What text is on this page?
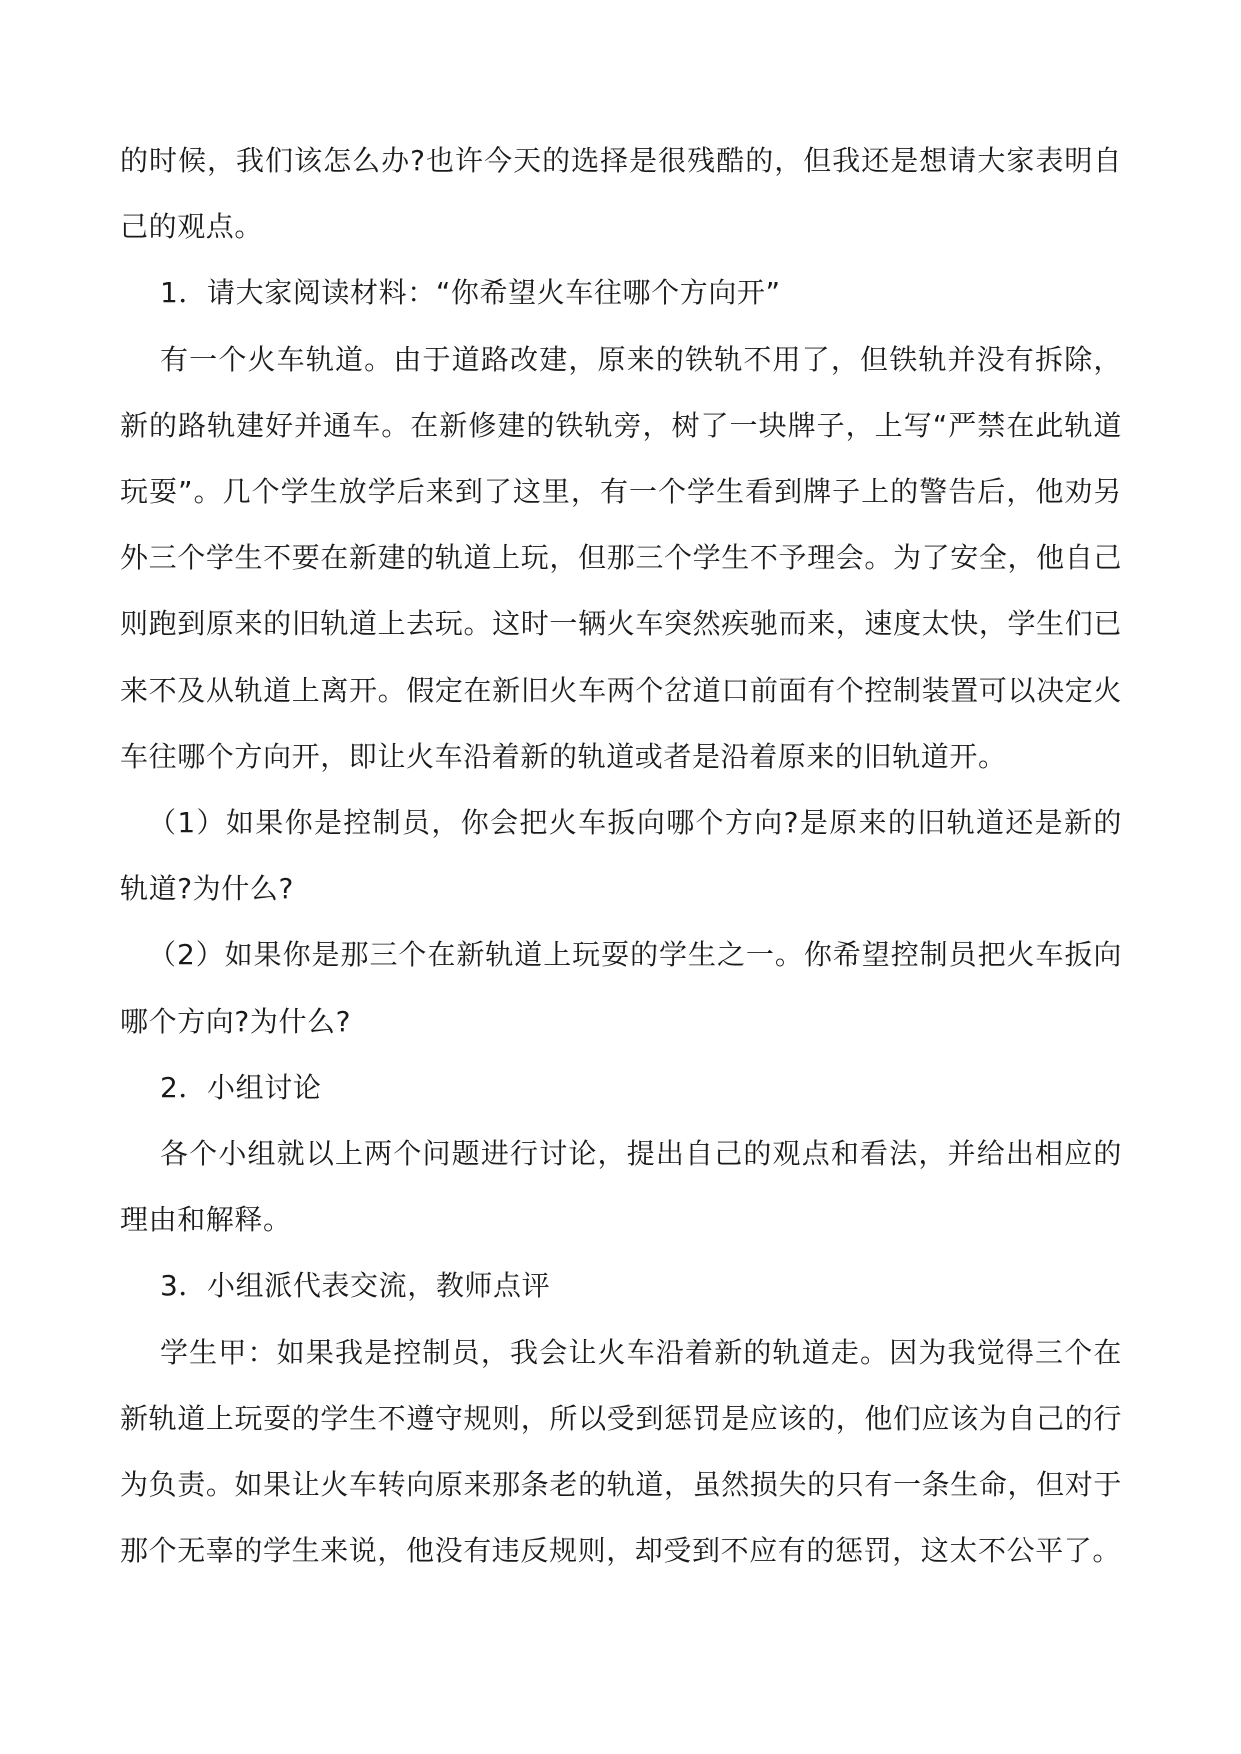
的时候，我们该怎么办?也许今天的选择是很残酷的，但我还是想请大家表明自己的观点。

1．请大家阅读材料：“你希望火车往哪个方向开”

有一个火车轨道。由于道路改建，原来的铁轨不用了，但铁轨并没有拆除，新的路轨建好并通车。在新修建的铁轨旁，树了一块牌子，上写“严禁在此轨道玩耍”。几个学生放学后来到了这里，有一个学生看到牌子上的警告后，他劝另外三个学生不要在新建的轨道上玩，但那三个学生不予理会。为了安全，他自己则跑到原来的旧轨道上去玩。这时一辆火车突然疾驰而来，速度太快，学生们已来不及从轨道上离开。假定在新旧火车两个岔道口前面有个控制装置可以决定火车往哪个方向开，即让火车沿着新的轨道或者是沿着原来的旧轨道开。

（1）如果你是控制员，你会把火车扳向哪个方向?是原来的旧轨道还是新的轨道?为什么?

（2）如果你是那三个在新轨道上玩耍的学生之一。你希望控制员把火车扳向哪个方向?为什么?

2．小组讨论

各个小组就以上两个问题进行讨论，提出自己的观点和看法，并给出相应的理由和解释。

3．小组派代表交流，教师点评

学生甲：如果我是控制员，我会让火车沿着新的轨道走。因为我觉得三个在新轨道上玩耍的学生不遵守规则，所以受到惩罚是应该的，他们应该为自己的行为负责。如果让火车转向原来那条老的轨道，虽然损失的只有一条生命，但对于那个无辜的学生来说，他没有违反规则，却受到不应有的惩罚，这太不公平了。
